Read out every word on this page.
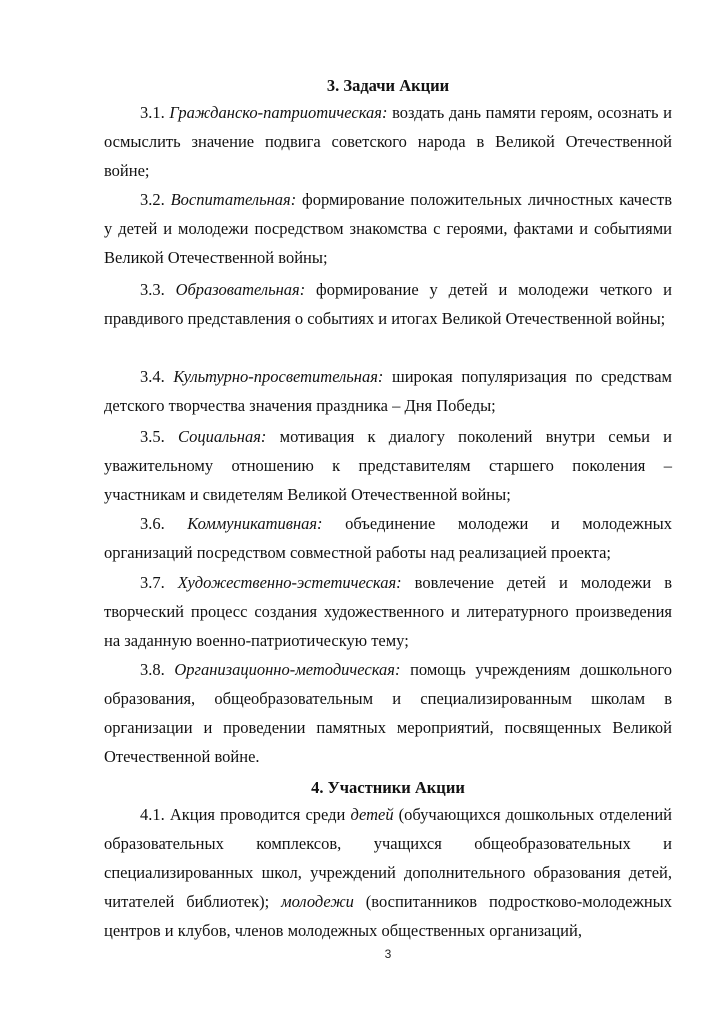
3. Задачи Акции

3.1. Гражданско-патриотическая: воздать дань памяти героям, осознать и осмыслить значение подвига советского народа в Великой Отечественной войне;

3.2. Воспитательная: формирование положительных личностных качеств у детей и молодежи посредством знакомства с героями, фактами и событиями Великой Отечественной войны;

3.3. Образовательная: формирование у детей и молодежи четкого и правдивого представления о событиях и итогах Великой Отечественной войны;

3.4. Культурно-просветительная: широкая популяризация по средствам детского творчества значения праздника – Дня Победы;

3.5. Социальная: мотивация к диалогу поколений внутри семьи и уважительному отношению к представителям старшего поколения – участникам и свидетелям Великой Отечественной войны;

3.6. Коммуникативная: объединение молодежи и молодежных организаций посредством совместной работы над реализацией проекта;

3.7. Художественно-эстетическая: вовлечение детей и молодежи в творческий процесс создания художественного и литературного произведения на заданную военно-патриотическую тему;

3.8. Организационно-методическая: помощь учреждениям дошкольного образования, общеобразовательным и специализированным школам в организации и проведении памятных мероприятий, посвященных Великой Отечественной войне.

4. Участники Акции

4.1. Акция проводится среди детей (обучающихся дошкольных отделений образовательных комплексов, учащихся общеобразовательных и специализированных школ, учреждений дополнительного образования детей, читателей библиотек); молодежи (воспитанников подростково-молодежных центров и клубов, членов молодежных общественных организаций,

3
